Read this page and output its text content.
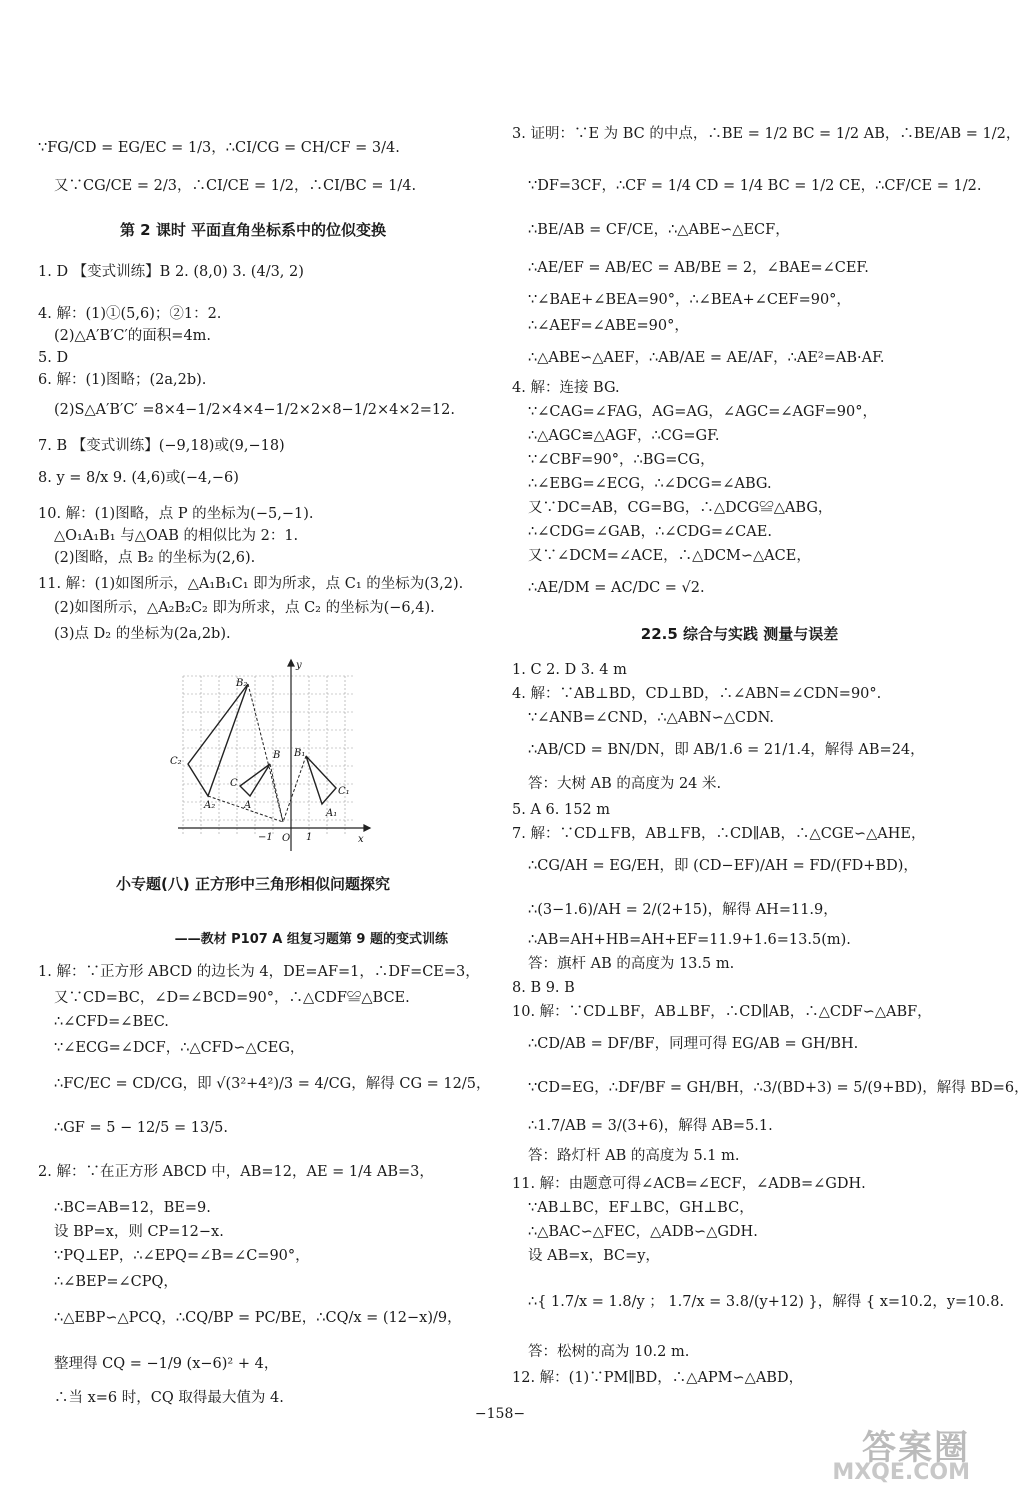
∵FG/CD = EG/EC = 1/3，∴CI/CG = CH/CF = 3/4.
又∵CG/CE = 2/3，∴CI/CE = 1/2，∴CI/BC = 1/4.
第 2 课时 平面直角坐标系中的位似变换
1. D 【变式训练】B 2. (8,0) 3. (4/3, 2)
4. 解：(1)①(5,6)；②1：2.
(2)△A′B′C′的面积=4m.
5. D
6. 解：(1)图略；(2a,2b).
(2)S△A′B′C′ =8×4−1/2×4×4−1/2×2×8−1/2×4×2=12.
7. B 【变式训练】(−9,18)或(9,−18)
8. y = 8/x 9. (4,6)或(−4,−6)
10. 解：(1)图略，点 P 的坐标为(−5,−1).
△O₁A₁B₁ 与△OAB 的相似比为 2：1.
(2)图略，点 B₂ 的坐标为(2,6).
11. 解：(1)如图所示，△A₁B₁C₁ 即为所求，点 C₁ 的坐标为(3,2).
(2)如图所示，△A₂B₂C₂ 即为所求，点 C₂ 的坐标为(−6,4).
(3)点 D₂ 的坐标为(2a,2b).
小专题(八) 正方形中三角形相似问题探究
——教材 P107 A 组复习题第 9 题的变式训练
1. 解：∵正方形 ABCD 的边长为 4，DE=AF=1，∴DF=CE=3，
又∵CD=BC，∠D=∠BCD=90°，∴△CDF≌△BCE.
∴∠CFD=∠BEC.
∵∠ECG=∠DCF，∴△CFD∽△CEG，
∴FC/EC = CD/CG，即 √(3²+4²)/3 = 4/CG，解得 CG = 12/5，
∴GF = 5 − 12/5 = 13/5.
2. 解：∵在正方形 ABCD 中，AB=12，AE = 1/4 AB=3，
∴BC=AB=12，BE=9.
设 BP=x，则 CP=12−x.
∵PQ⊥EP，∴∠EPQ=∠B=∠C=90°，
∴∠BEP=∠CPQ，
∴△EBP∽△PCQ，∴CQ/BP = PC/BE，∴CQ/x = (12−x)/9，
整理得 CQ = −1/9 (x−6)² + 4，
∴当 x=6 时，CQ 取得最大值为 4.
x
y
O 1
−1
B₂
C₂
A₂
B
C
A
B₁
C₁
A₁
3. 证明：∵E 为 BC 的中点，∴BE = 1/2 BC = 1/2 AB，∴BE/AB = 1/2，
∵DF=3CF，∴CF = 1/4 CD = 1/4 BC = 1/2 CE，∴CF/CE = 1/2.
∴BE/AB = CF/CE，∴△ABE∽△ECF，
∴AE/EF = AB/EC = AB/BE = 2，∠BAE=∠CEF.
∵∠BAE+∠BEA=90°，∴∠BEA+∠CEF=90°，
∴∠AEF=∠ABE=90°，
∴△ABE∽△AEF，∴AB/AE = AE/AF，∴AE²=AB·AF.
4. 解：连接 BG.
∵∠CAG=∠FAG，AG=AG，∠AGC=∠AGF=90°，
∴△AGC≌△AGF，∴CG=GF.
∵∠CBF=90°，∴BG=CG，
∴∠EBG=∠ECG，∴∠DCG=∠ABG.
又∵DC=AB，CG=BG，∴△DCG≌△ABG，
∴∠CDG=∠GAB，∴∠CDG=∠CAE.
又∵∠DCM=∠ACE，∴△DCM∽△ACE，
∴AE/DM = AC/DC = √2.
22.5 综合与实践 测量与误差
1. C 2. D 3. 4 m
4. 解：∵AB⊥BD，CD⊥BD，∴∠ABN=∠CDN=90°.
∵∠ANB=∠CND，∴△ABN∽△CDN.
∴AB/CD = BN/DN，即 AB/1.6 = 21/1.4，解得 AB=24，
答：大树 AB 的高度为 24 米.
5. A 6. 152 m
7. 解：∵CD⊥FB，AB⊥FB，∴CD∥AB，∴△CGE∽△AHE，
∴CG/AH = EG/EH，即 (CD−EF)/AH = FD/(FD+BD)，
∴(3−1.6)/AH = 2/(2+15)，解得 AH=11.9，
∴AB=AH+HB=AH+EF=11.9+1.6=13.5(m).
答：旗杆 AB 的高度为 13.5 m.
8. B 9. B
10. 解：∵CD⊥BF，AB⊥BF，∴CD∥AB，∴△CDF∽△ABF，
∴CD/AB = DF/BF，同理可得 EG/AB = GH/BH.
∵CD=EG，∴DF/BF = GH/BH，∴3/(BD+3) = 5/(9+BD)，解得 BD=6，
∴1.7/AB = 3/(3+6)，解得 AB=5.1.
答：路灯杆 AB 的高度为 5.1 m.
11. 解：由题意可得∠ACB=∠ECF，∠ADB=∠GDH.
∵AB⊥BC，EF⊥BC，GH⊥BC，
∴△BAC∽△FEC，△ADB∽△GDH.
设 AB=x，BC=y，
∴{ 1.7/x = 1.8/y ； 1.7/x = 3.8/(y+12) }，解得 { x=10.2，y=10.8.
答：松树的高为 10.2 m.
12. 解：(1)∵PM∥BD，∴△APM∽△ABD，
−158−
答案圈
MXQE.COM
